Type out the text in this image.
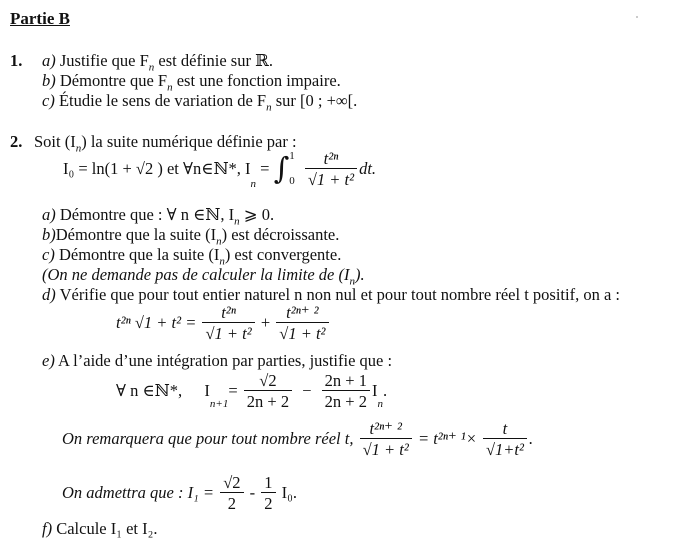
Partie B
1. a) Justifie que $F_n$ est définie sur ℝ.
b) Démontre que $F_n$ est une fonction impaire.
c) Étudie le sens de variation de $F_n$ sur [0 ; +∞[.
2. Soit $(I_n)$ la suite numérique définie par :
I₀ = ln(1 + √2 ) et ∀n∈ℕ*, $I_n$ = ∫ 1
0
$\frac{\text{t²ⁿ}}{\text{√1 + t²}}$ dt.
a) Démontre que : ∀ n ∈ℕ, $I_n$ ⩾ 0.
b)Démontre que la suite $(I_n)$ est décroissante.
c) Démontre que la suite $(I_n)$ est convergente.
(On ne demande pas de calculer la limite de $(I_n)$.
d) Vérifie que pour tout entier naturel n non nul et pour tout nombre réel t positif, on a :
t²ⁿ $√1 + t^2 = \frac{\text{t²ⁿ}}{\text{√1 + t²}} + \frac{\text{t²ⁿ⁺ ²}}{\text{√1 + t²}}$
e) A l’aide d’une intégration par parties, justifie que :
∀ n ∈ℕ*, $I_{n+1}= \frac{√2}{2n + 2} - \frac{2n + 1}{2n + 2} I_n$.
On remarquera que pour tout nombre réel t, $\frac{\text{t²ⁿ⁺ ²}}{\text{√1 + t²}} = t^{2n+}$ $^1\times \frac{t}{\text{√1+t²}}$ .
On admettra que : $I_1 = \frac{√2}{2} - \frac{1}{2} I_0$.
f) Calcule I₁ et I₂.
